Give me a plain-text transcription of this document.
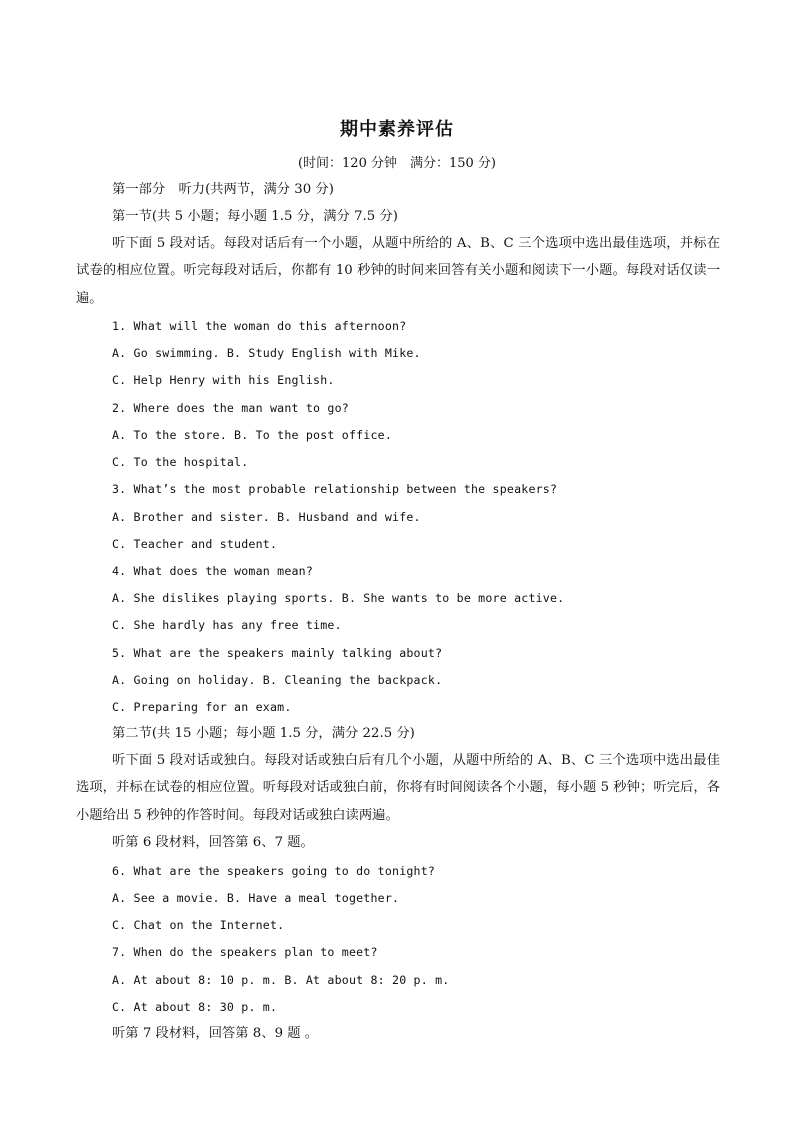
期中素养评估
(时间：120 分钟　满分：150 分)
第一部分　听力(共两节，满分 30 分)
第一节(共 5 小题；每小题 1.5 分，满分 7.5 分)
听下面 5 段对话。每段对话后有一个小题，从题中所给的 A、B、C 三个选项中选出最佳选项，并标在试卷的相应位置。听完每段对话后，你都有 10 秒钟的时间来回答有关小题和阅读下一小题。每段对话仅读一遍。
1. What will the woman do this afternoon?
A. Go swimming. B. Study English with Mike.
C. Help Henry with his English.
2. Where does the man want to go?
A. To the store. B. To the post office.
C. To the hospital.
3. What’s the most probable relationship between the speakers?
A. Brother and sister. B. Husband and wife.
C. Teacher and student.
4. What does the woman mean?
A. She dislikes playing sports. B. She wants to be more active.
C. She hardly has any free time.
5. What are the speakers mainly talking about?
A. Going on holiday. B. Cleaning the backpack.
C. Preparing for an exam.
第二节(共 15 小题；每小题 1.5 分，满分 22.5 分)
听下面 5 段对话或独白。每段对话或独白后有几个小题，从题中所给的 A、B、C 三个选项中选出最佳选项，并标在试卷的相应位置。听每段对话或独白前，你将有时间阅读各个小题，每小题 5 秒钟；听完后，各小题给出 5 秒钟的作答时间。每段对话或独白读两遍。
听第 6 段材料，回答第 6、7 题。
6. What are the speakers going to do tonight?
A. See a movie. B. Have a meal together.
C. Chat on the Internet.
7. When do the speakers plan to meet?
A. At about 8: 10 p. m. B. At about 8: 20 p. m.
C. At about 8: 30 p. m.
听第 7 段材料，回答第 8、9 题 。
